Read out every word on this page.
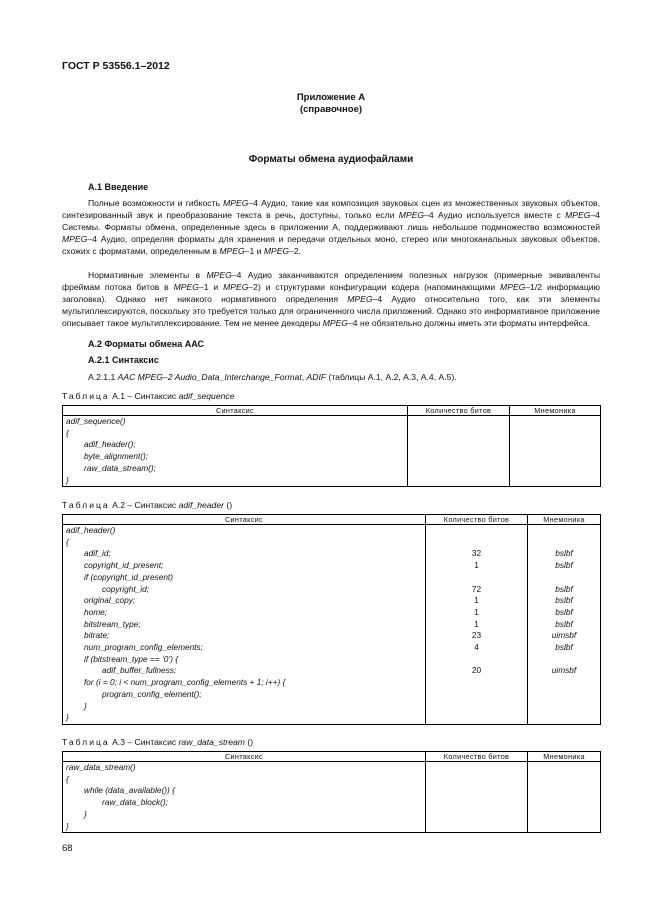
ГОСТ Р 53556.1–2012
Приложение А
(справочное)
Форматы обмена аудиофайлами
А.1 Введение
Полные возможности и гибкость MPEG–4 Аудио, такие как композиция звуковых сцен из множественных звуковых объектов, синтезированный звук и преобразование текста в речь, доступны, только если MPEG–4 Аудио используется вместе с MPEG–4 Системы. Форматы обмена, определенные здесь в приложении А, поддерживают лишь небольшое подмножество возможностей MPEG–4 Аудио, определяя форматы для хранения и передачи отдельных моно, стерео или многоканальных звуковых объектов, схожих с форматами, определенным в MPEG–1 и MPEG–2.
Нормативные элементы в MPEG–4 Аудио заканчиваются определением полезных нагрузок (примерные эквиваленты фреймам потока битов в MPEG–1 и MPEG–2) и структурами конфигурации кодера (напоминающими MPEG–1/2 информацию заголовка). Однако нет никакого нормативного определения MPEG–4 Аудио относительно того, как эти элементы мультиплексируются, поскольку это требуется только для ограниченного числа приложений. Однако это информативное приложение описывает такое мультиплексирование. Тем не менее декодеры MPEG–4 не обязательно должны иметь эти форматы интерфейса.
А.2 Форматы обмена ААС
А.2.1 Синтаксис
А.2.1.1 AAC MPEG–2 Audio_Data_Interchange_Format, ADIF (таблицы А.1, А.2, А.3, А.4, А.5).
Таблица А.1 – Синтаксис adif_sequence
Синтаксис	Количество битов	Мнемоника
adif_sequence()		
{		
adif_header();		
byte_alignment();		
raw_data_stream();		
}		
Таблица А.2 – Синтаксис adif_header ()
Синтаксис	Количество битов	Мнемоника
adif_header()		
{		
adif_id;	32	bslbf
copyright_id_present;	1	bslbf
if (copyright_id_present)		
copyright_id;	72	bslbf
original_copy;	1	bslbf
home;	1	bslbf
bitstream_type;	1	bslbf
bitrate;	23	uimsbf
num_program_config_elements;	4	bslbf
if (bitstream_type == ‘0’) {		
adif_buffer_fullness;	20	uimsbf
for (i = 0; i < num_program_config_elements + 1; i++) {		
program_config_element();		
}		
}		
Таблица А.3 – Синтаксис raw_data_stream ()
Синтаксис	Количество битов	Мнемоника
raw_data_stream()		
{		
while (data_available()) {		
raw_data_block();		
}		
}		
68
